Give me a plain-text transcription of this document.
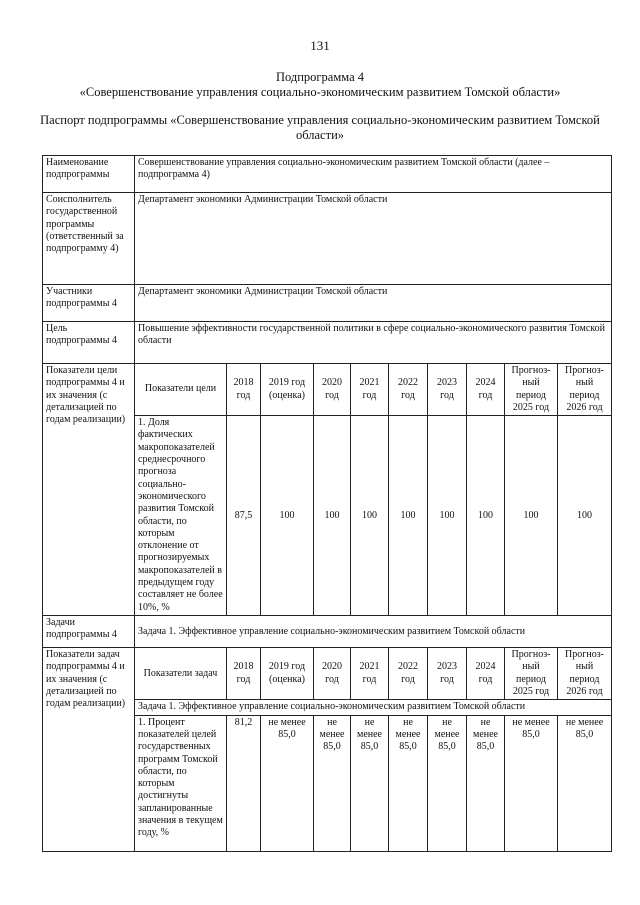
131
Подпрограмма 4
«Совершенствование управления социально-экономическим развитием Томской области»
Паспорт подпрограммы «Совершенствование управления социально-экономическим развитием Томской области»
Наименование подпрограммы	Совершенствование управления социально-экономическим развитием Томской области (далее – подпрограмма 4)									
Соисполнитель государственной программы (ответственный за подпрограмму 4)	Департамент экономики Администрации Томской области									
Участники подпрограммы 4	Департамент экономики Администрации Томской области									
Цель подпрограммы 4	Повышение эффективности государственной политики в сфере социально-экономического развития Томской области									
Показатели цели подпрограммы 4 и их значения (с детализацией по годам реализации)	Показатели цели	2018 год	2019 год (оценка)	2020 год	2021 год	2022 год	2023 год	2024 год	Прогноз-ный период 2025 год	Прогноз-ный период 2026 год
	1. Доля фактических макропоказателей среднесрочного прогноза социально-экономического развития Томской области, по которым отклонение от прогнозируемых макропоказателей в предыдущем году составляет не более 10%, %	87,5	100	100	100	100	100	100	100	100
Задачи подпрограммы 4	Задача 1. Эффективное управление социально-экономическим развитием Томской области									
Показатели задач подпрограммы 4 и их значения (с детализацией по годам реализации)	Показатели задач	2018 год	2019 год (оценка)	2020 год	2021 год	2022 год	2023 год	2024 год	Прогноз-ный период 2025 год	Прогноз-ный период 2026 год
	Задача 1. Эффективное управление социально-экономическим развитием Томской области									
	1. Процент показателей целей государственных программ Томской области, по которым достигнуты запланированные значения в текущем году, %	81,2	не менее 85,0	не менее 85,0	не менее 85,0	не менее 85,0	не менее 85,0	не менее 85,0	не менее 85,0	не менее 85,0
